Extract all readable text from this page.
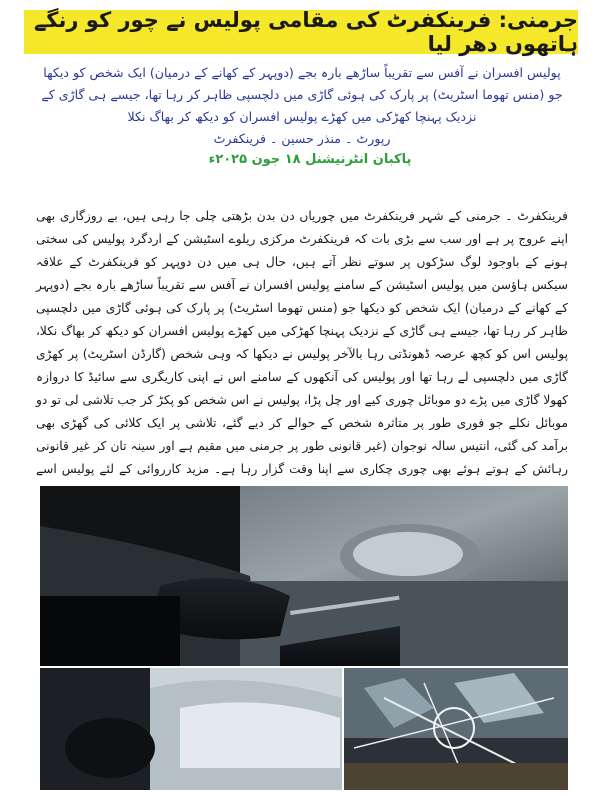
جرمنی: فرینکفرٹ کی مقامی پولیس نے چور کو رنگے ہاتھوں دھر لیا

پولیس افسران نے آفس سے تقریباً ساڑھے بارہ بجے (دوپہر کے کھانے کے درمیان) ایک شخص کو دیکھا جو (منس تھوما اسٹریٹ) پر پارک کی ہوئی گاڑی میں دلچسپی ظاہر کر رہا تھا، جیسے ہی گاڑی کے نزدیک پہنچا کھڑکی میں کھڑے پولیس افسران کو دیکھ کر بھاگ نکلا

رپورٹ ۔ منذر حسین ۔ فرینکفرٹ

پاکبان انٹرنیشنل ۱۸ جون ۲۰۲۵ء

فرینکفرٹ ۔ جرمنی کے شہر فرینکفرٹ میں چوریاں دن بدن بڑھتی چلی جا رہی ہیں، بے روزگاری بھی اپنے عروج پر ہے اور سب سے بڑی بات کہ فرینکفرٹ مرکزی ریلوے اسٹیشن کے اردگرد پولیس کی سختی ہونے کے باوجود لوگ سڑکوں پر سوتے نظر آتے ہیں، حال ہی میں دن دوپہر کو فرینکفرٹ کے علاقہ سیکس ہاؤسن میں پولیس اسٹیشن کے سامنے پولیس افسران نے آفس سے تقریباً ساڑھے بارہ بجے (دوپہر کے کھانے کے درمیان) ایک شخص کو دیکھا جو (منس تھوما اسٹریٹ) پر پارک کی ہوئی گاڑی میں دلچسپی ظاہر کر رہا تھا، جیسے ہی گاڑی کے نزدیک پہنچا کھڑکی میں کھڑے پولیس افسران کو دیکھ کر بھاگ نکلا، پولیس اس کو کچھ عرصہ ڈھونڈتی رہا بالآخر پولیس نے دیکھا کہ وہی شخص (گارڈن اسٹریٹ) پر کھڑی گاڑی میں دلچسپی لے رہا تھا اور پولیس کی آنکھوں کے سامنے اس نے اپنی کاریگری سے سائیڈ کا دروازہ کھولا گاڑی میں پڑے دو موبائل چوری کیے اور چل پڑا، پولیس نے اس شخص کو پکڑ کر جب تلاشی لی تو دو موبائل نکلے جو فوری طور پر متاثرہ شخص کے حوالے کر دیے گئے، تلاشی پر ایک کلائی کی گھڑی بھی برآمد کی گئی، انتیس سالہ نوجوان (غیر قانونی طور پر جرمنی میں مقیم ہے اور سینہ تان کر غیر قانونی رہائش کے ہوتے ہوئے بھی چوری چکاری سے اپنا وقت گزار رہا ہے۔ مزید کارروائی کے لئے پولیس اسے
